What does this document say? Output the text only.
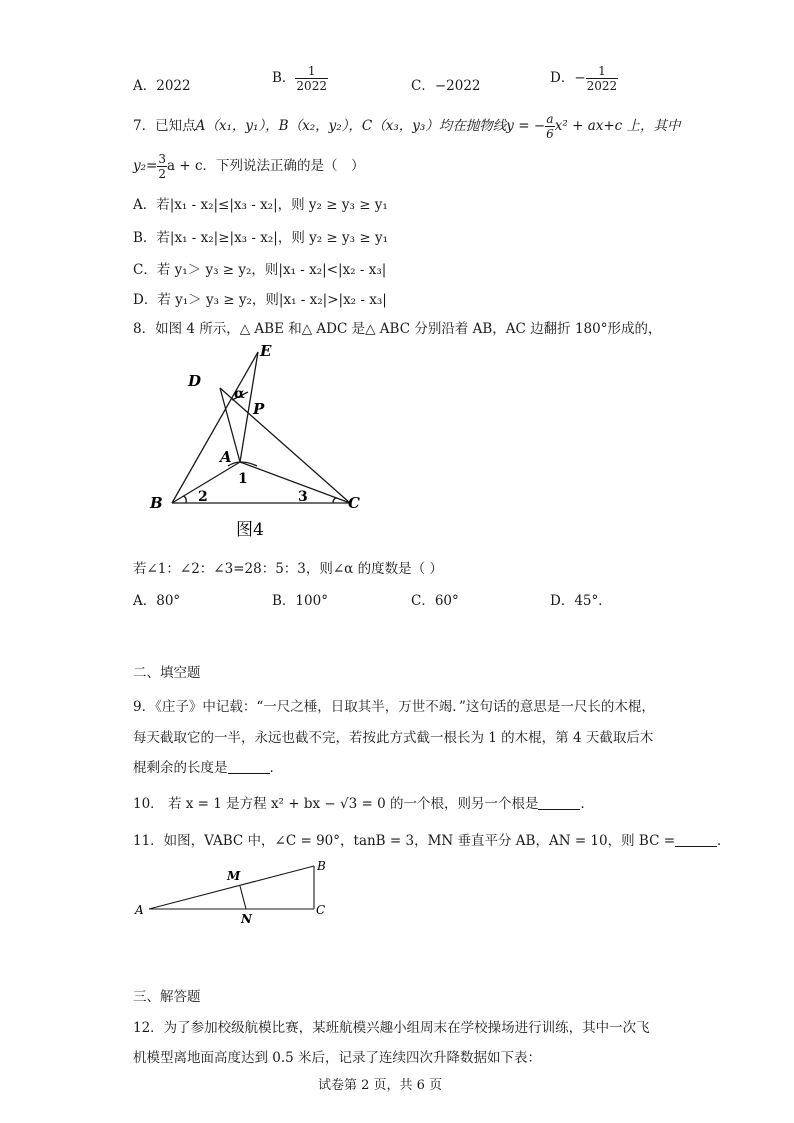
A．2022	B． $\frac{1}{2022}$	C．−2022	D．− $\frac{1}{2022}$
7．已知点A（x₁，y₁），B（x₂，y₂），C（x₃，y₃）均在抛物线y = − $\frac{a}{6} x^2 + ax+c$ 上，其中
$y_2= \frac{3}{2}$ a + c．下列说法正确的是（　）
A．若|x₁ - x₂|≤|x₃ - x₂|，则 y₂ ≥ y₃ ≥ y₁
B．若|x₁ - x₂|≥|x₃ - x₂|，则 y₂ ≥ y₃ ≥ y₁
C．若 y₁＞ y₃ ≥ y₂，则|x₁ - x₂|<|x₂ - x₃|
D．若 y₁＞ y₃ ≥ y₂，则|x₁ - x₂|>|x₂ - x₃|
8．如图 4 所示，△ ABE 和△ ADC 是△ ABC 分别沿着 AB，AC 边翻折 180°形成的，
E
D
α
P
A
1
B	2	3	C
图4
若∠1：∠2：∠3=28：5：3，则∠α 的度数是（ ）
A．80°	B．100°	C．60°	D．45°．
二、填空题
9．《庄子》中记载：“一尺之棰，日取其半，万世不竭．”这句话的意思是一尺长的木棍，
每天截取它的一半，永远也截不完，若按此方式截一根长为 1 的木棍，第 4 天截取后木
棍剩余的长度是	．
10． 若 x = 1 是方程 x² + bx − √3 = 0 的一个根，则另一个根是	．
11．如图，VABC 中，∠C = 90°，tanB = 3，MN 垂直平分 AB，AN = 10，则 BC =	．
A
M
N
B
C
三、解答题
12．为了参加校级航模比赛，某班航模兴趣小组周末在学校操场进行训练，其中一次飞
机模型离地面高度达到 0.5 米后，记录了连续四次升降数据如下表：
试卷第 2 页，共 6 页
